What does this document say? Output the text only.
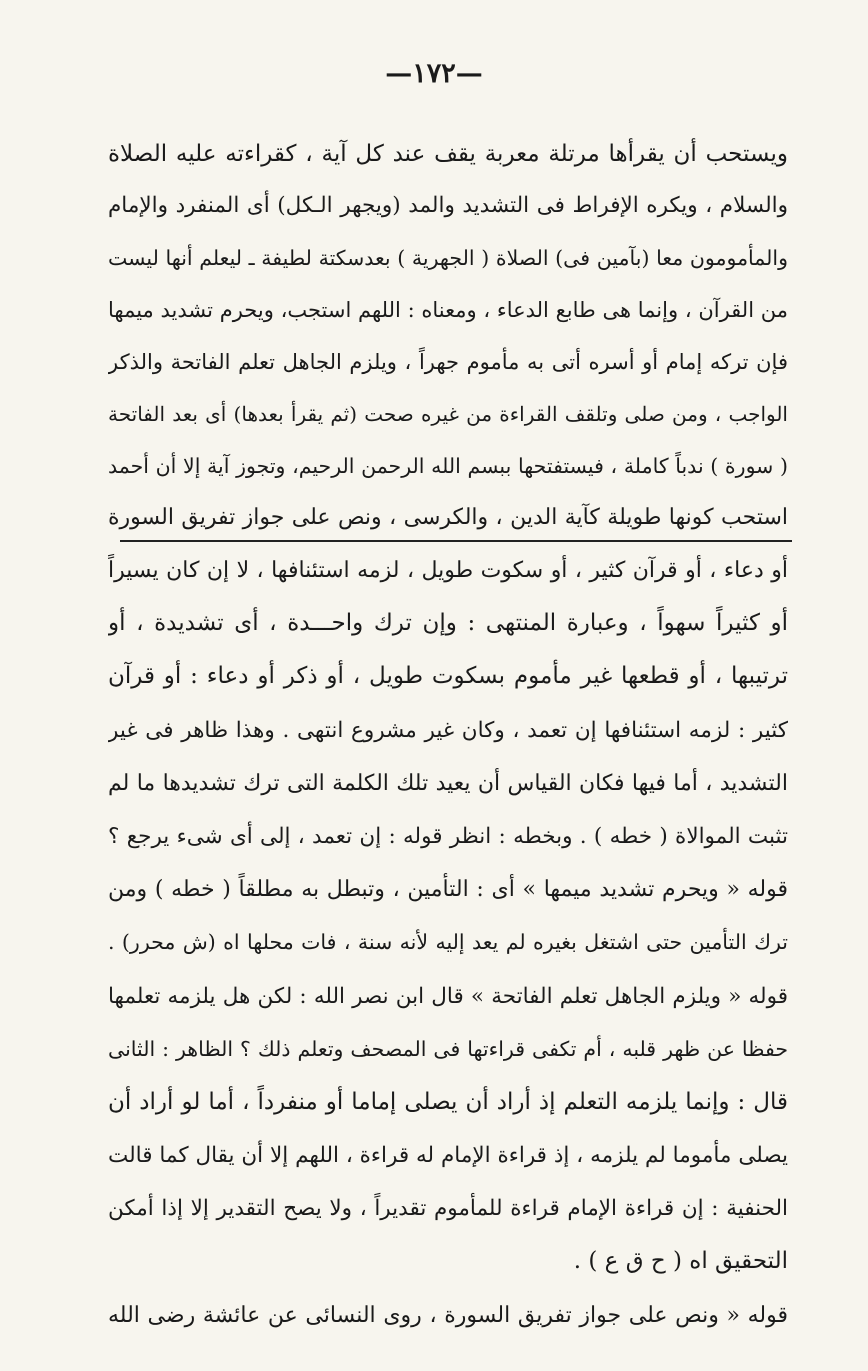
—١٧٢—
ويستحب أن يقرأها مرتلة معربة يقف عند كل آية ، كقراءته عليه الصلاة
والسلام ، ويكره الإفراط فى التشديد والمد (ويجهر الـكل) أى المنفرد والإمام
والمأمومون معا (بآمين فى) الصلاة ( الجهرية ) بعدسكتة لطيفة ـ ليعلم أنها ليست
من القرآن ، وإنما هى طابع الدعاء ، ومعناه : اللهم استجب، ويحرم تشديد ميمها
فإن تركه إمام أو أسره أتى به مأموم جهراً ، ويلزم الجاهل تعلم الفاتحة والذكر
الواجب ، ومن صلى وتلقف القراءة من غيره صحت (ثم يقرأ بعدها) أى بعد الفاتحة
( سورة ) ندباً كاملة ، فيستفتحها ببسم الله الرحمن الرحيم، وتجوز آية إلا أن أحمد
استحب كونها طويلة كآية الدين ، والكرسى ، ونص على جواز تفريق السورة
أو دعاء ، أو قرآن كثير ، أو سكوت طويل ، لزمه استئنافها ، لا إن كان يسيراً
أو كثيراً سهواً ، وعبارة المنتهى : وإن ترك واحـــدة ، أى تشديدة ، أو
ترتيبها ، أو قطعها غير مأموم بسكوت طويل ، أو ذكر أو دعاء : أو قرآن
كثير : لزمه استئنافها إن تعمد ، وكان غير مشروع انتهى . وهذا ظاهر فى غير
التشديد ، أما فيها فكان القياس أن يعيد تلك الكلمة التى ترك تشديدها ما لم
تثبت الموالاة ( خطه ) . وبخطه : انظر قوله : إن تعمد ، إلى أى شىء يرجع ؟
قوله « ويحرم تشديد ميمها » أى : التأمين ، وتبطل به مطلقاً ( خطه ) ومن
ترك التأمين حتى اشتغل بغيره لم يعد إليه لأنه سنة ، فات محلها اه (ش محرر) .
قوله « ويلزم الجاهل تعلم الفاتحة » قال ابن نصر الله : لكن هل يلزمه تعلمها
حفظا عن ظهر قلبه ، أم تكفى قراءتها فى المصحف وتعلم ذلك ؟ الظاهر : الثانى
قال : وإنما يلزمه التعلم إذ أراد أن يصلى إماما أو منفرداً ، أما لو أراد أن
يصلى مأموما لم يلزمه ، إذ قراءة الإمام له قراءة ، اللهم إلا أن يقال كما قالت
الحنفية : إن قراءة الإمام قراءة للمأموم تقديراً ، ولا يصح التقدير إلا إذا أمكن
التحقيق اه ( ح ق ع ) .
قوله « ونص على جواز تفريق السورة ، روى النسائى عن عائشة رضى الله
